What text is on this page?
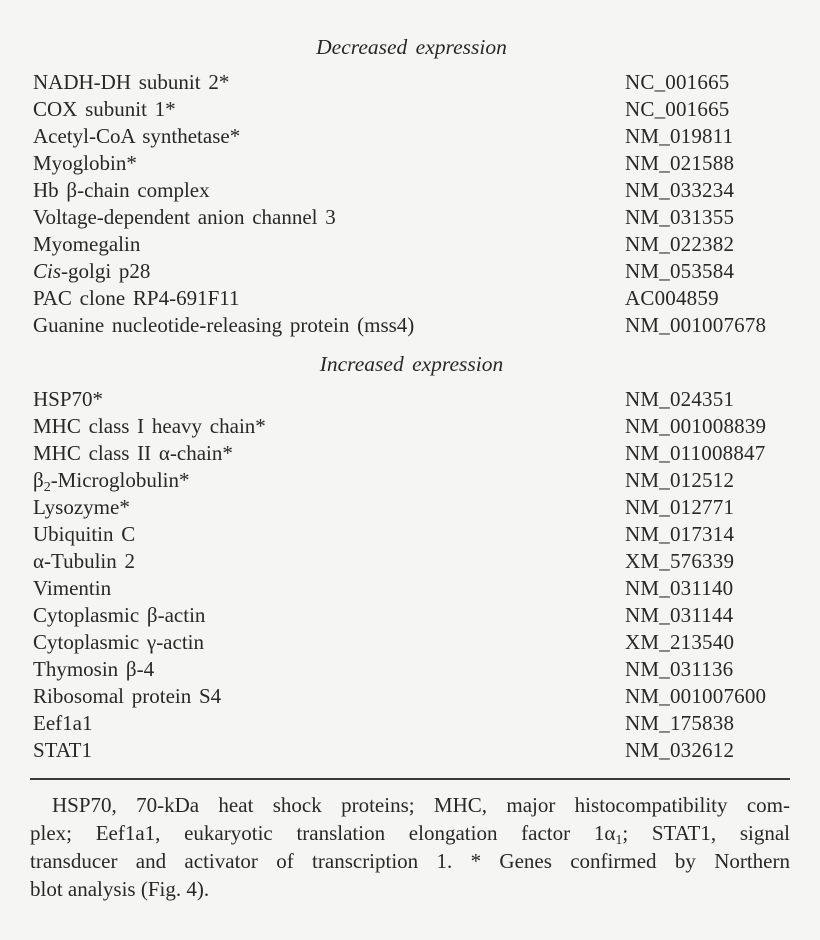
Decreased expression
NADH-DH subunit 2*	NC_001665
COX subunit 1*	NC_001665
Acetyl-CoA synthetase*	NM_019811
Myoglobin*	NM_021588
Hb β-chain complex	NM_033234
Voltage-dependent anion channel 3	NM_031355
Myomegalin	NM_022382
Cis-golgi p28	NM_053584
PAC clone RP4-691F11	AC004859
Guanine nucleotide-releasing protein (mss4)	NM_001007678
Increased expression
HSP70*	NM_024351
MHC class I heavy chain*	NM_001008839
MHC class II α-chain*	NM_011008847
$\beta_2-Microglobulin*$	NM_012512
Lysozyme*	NM_012771
Ubiquitin C	NM_017314
α-Tubulin 2	XM_576339
Vimentin	NM_031140
Cytoplasmic β-actin	NM_031144
Cytoplasmic γ-actin	XM_213540
Thymosin β-4	NM_031136
Ribosomal protein S4	NM_001007600
Eef1a1	NM_175838
STAT1	NM_032612
HSP70, 70-kDa heat shock proteins; MHC, major histocompatibility com-
plex; Eef1a1, eukaryotic translation elongation factor $1\alpha_1$; STAT1, signal
transducer and activator of transcription 1. * Genes confirmed by Northern
blot analysis (Fig. 4).
